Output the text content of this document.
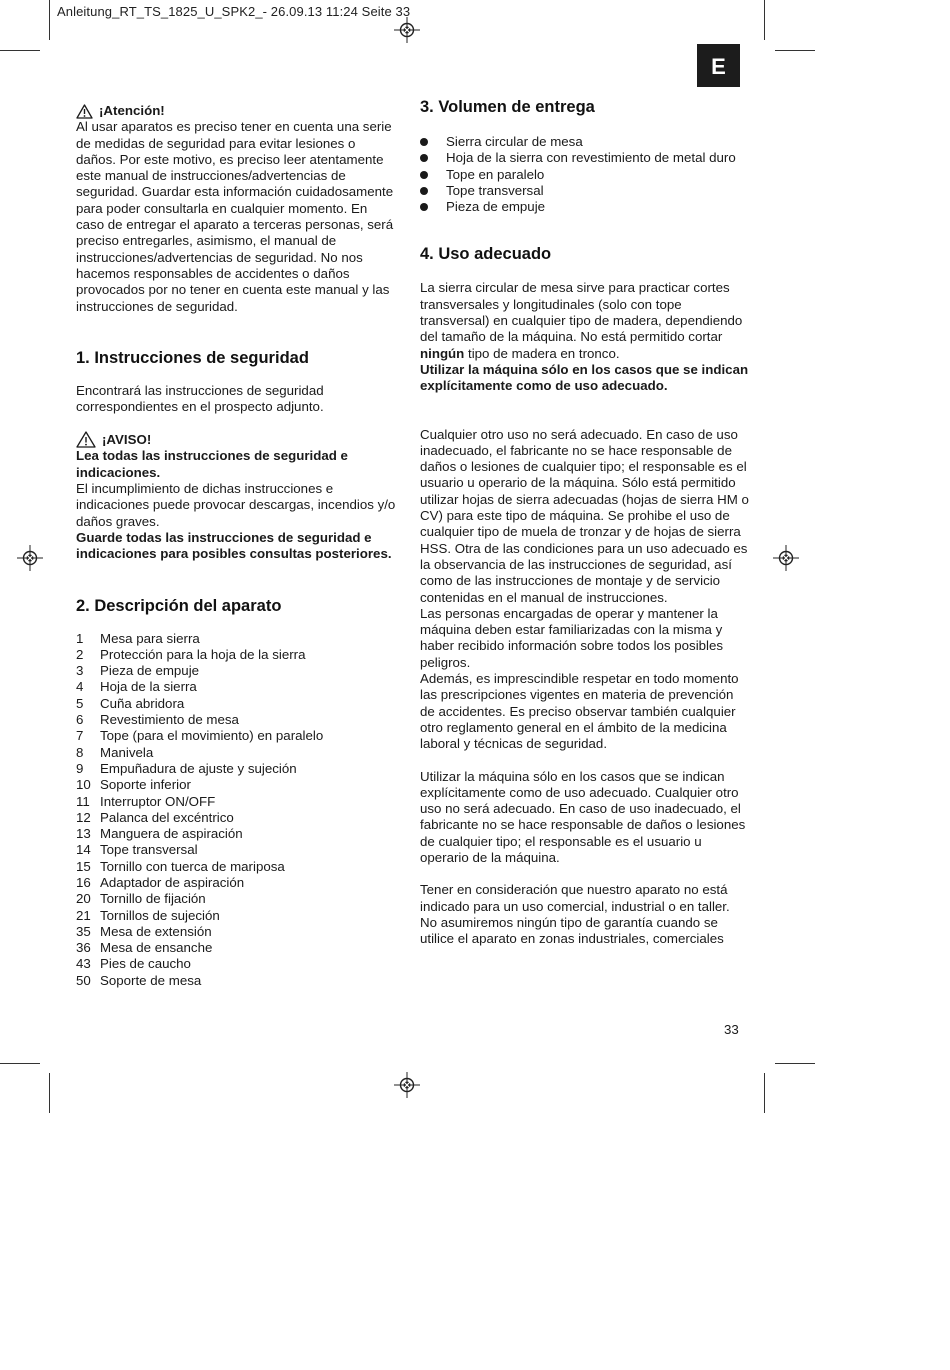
Anleitung_RT_TS_1825_U_SPK2_- 26.09.13 11:24 Seite 33
E
¡Atención!

Al usar aparatos es preciso tener en cuenta una serie de medidas de seguridad para evitar lesiones o daños. Por este motivo, es preciso leer atentamente este manual de instrucciones/advertencias de seguridad. Guardar esta información cuidadosamente para poder consultarla en cualquier momento. En caso de entregar el aparato a terceras personas, será preciso entregarles, asimismo, el manual de instrucciones/advertencias de seguridad. No nos hacemos responsables de accidentes o daños provocados por no tener en cuenta este manual y las instrucciones de seguridad.

1. Instrucciones de seguridad

Encontrará las instrucciones de seguridad correspondientes en el prospecto adjunto.

¡AVISO!

Lea todas las instrucciones de seguridad e indicaciones.

El incumplimiento de dichas instrucciones e indicaciones puede provocar descargas, incendios y/o daños graves.

Guarde todas las instrucciones de seguridad e indicaciones para posibles consultas posteriores.

2. Descripción del aparato
1	Mesa para sierra
2	Protección para la hoja de la sierra
3	Pieza de empuje
4	Hoja de la sierra
5	Cuña abridora
6	Revestimiento de mesa
7	Tope (para el movimiento) en paralelo
8	Manivela
9	Empuñadura de ajuste y sujeción
10 Soporte inferior
11 Interruptor ON/OFF
12 Palanca del excéntrico
13 Manguera de aspiración
14 Tope transversal
15 Tornillo con tuerca de mariposa
16 Adaptador de aspiración
20 Tornillo de fijación
21 Tornillos de sujeción
35 Mesa de extensión
36 Mesa de ensanche
43 Pies de caucho
50 Soporte de mesa
3. Volumen de entrega
Sierra circular de mesa
Hoja de la sierra con revestimiento de metal duro
Tope en paralelo
Tope transversal
Pieza de empuje
4. Uso adecuado

La sierra circular de mesa sirve para practicar cortes transversales y longitudinales (solo con tope transversal) en cualquier tipo de madera, dependiendo del tamaño de la máquina. No está permitido cortar ningún tipo de madera en tronco.

Utilizar la máquina sólo en los casos que se indican explícitamente como de uso adecuado.

Cualquier otro uso no será adecuado. En caso de uso inadecuado, el fabricante no se hace responsable de daños o lesiones de cualquier tipo; el responsable es el usuario u operario de la máquina. Sólo está permitido utilizar hojas de sierra adecuadas (hojas de sierra HM o CV) para este tipo de máquina. Se prohibe el uso de cualquier tipo de muela de tronzar y de hojas de sierra HSS. Otra de las condiciones para un uso adecuado es la observancia de las instrucciones de seguridad, así como de las instrucciones de montaje y de servicio contenidas en el manual de instrucciones.

Las personas encargadas de operar y mantener la máquina deben estar familiarizadas con la misma y haber recibido información sobre todos los posibles peligros.

Además, es imprescindible respetar en todo momento las prescripciones vigentes en materia de prevención de accidentes. Es preciso observar también cualquier otro reglamento general en el ámbito de la medicina laboral y técnicas de seguridad.

Utilizar la máquina sólo en los casos que se indican explícitamente como de uso adecuado. Cualquier otro uso no será adecuado. En caso de uso inadecuado, el fabricante no se hace responsable de daños o lesiones de cualquier tipo; el responsable es el usuario u operario de la máquina.

Tener en consideración que nuestro aparato no está indicado para un uso comercial, industrial o en taller. No asumiremos ningún tipo de garantía cuando se utilice el aparato en zonas industriales, comerciales

33
